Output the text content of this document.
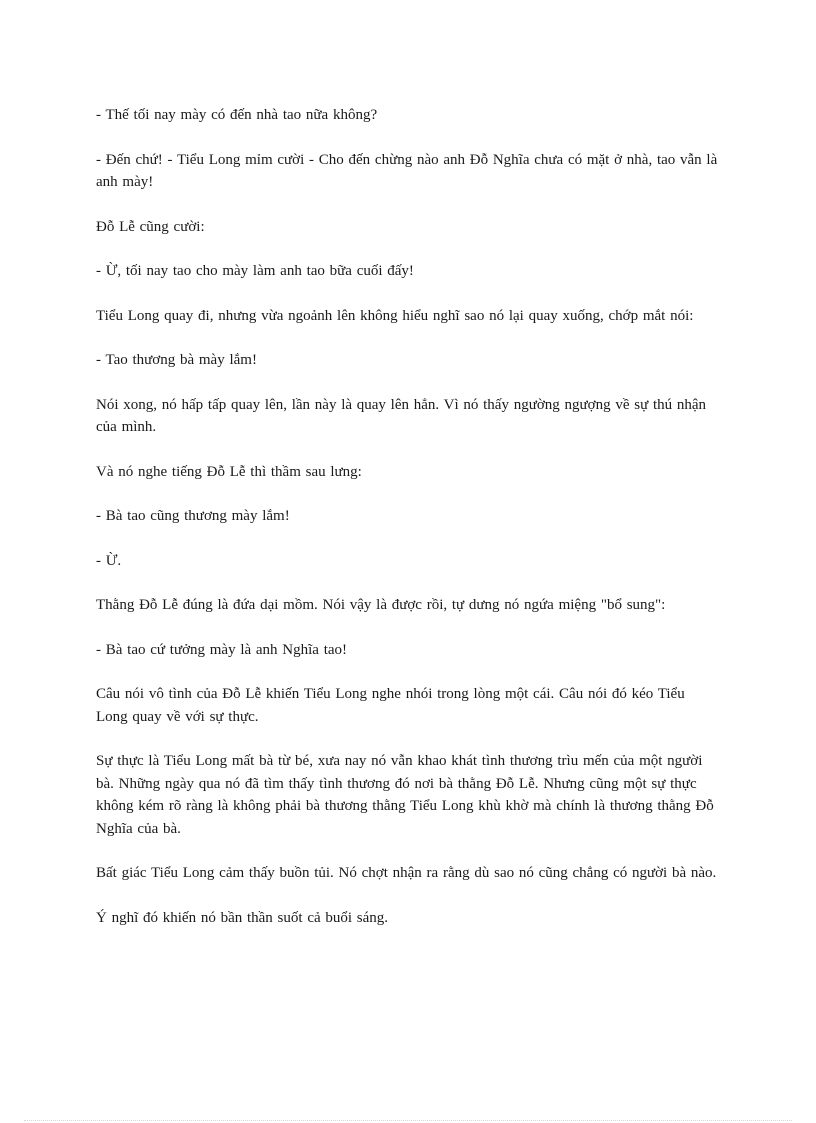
- Thế tối nay mày có đến nhà tao nữa không?

- Đến chứ! - Tiểu Long mỉm cười - Cho đến chừng nào anh Đỗ Nghĩa chưa có mặt ở nhà, tao vẫn là anh mày!

Đỗ Lễ cũng cười:

- Ừ, tối nay tao cho mày làm anh tao bữa cuối đấy!

Tiểu Long quay đi, nhưng vừa ngoảnh lên không hiểu nghĩ sao nó lại quay xuống, chớp mắt nói:

- Tao thương bà mày lắm!

Nói xong, nó hấp tấp quay lên, lần này là quay lên hẳn. Vì nó thấy ngường ngượng về sự thú nhận của mình.

Và nó nghe tiếng Đỗ Lễ thì thầm sau lưng:

- Bà tao cũng thương mày lắm!

- Ừ.

Thằng Đỗ Lễ đúng là đứa dại mồm. Nói vậy là được rồi, tự dưng nó ngứa miệng "bổ sung":

- Bà tao cứ tưởng mày là anh Nghĩa tao!

Câu nói vô tình của Đỗ Lễ khiến Tiểu Long nghe nhói trong lòng một cái. Câu nói đó kéo Tiểu Long quay về với sự thực.

Sự thực là Tiểu Long mất bà từ bé, xưa nay nó vẫn khao khát tình thương trìu mến của một người bà. Những ngày qua nó đã tìm thấy tình thương đó nơi bà thằng Đỗ Lễ. Nhưng cũng một sự thực không kém rõ ràng là không phải bà thương thằng Tiểu Long khù khờ mà chính là thương thằng Đỗ Nghĩa của bà.

Bất giác Tiểu Long cảm thấy buồn tủi. Nó chợt nhận ra rằng dù sao nó cũng chẳng có người bà nào.

Ý nghĩ đó khiến nó bần thần suốt cả buổi sáng.
